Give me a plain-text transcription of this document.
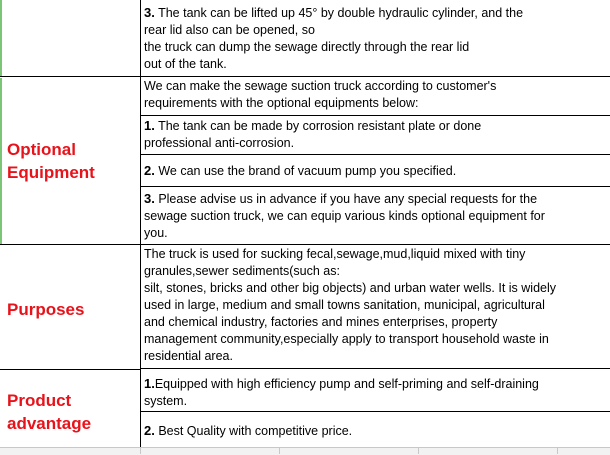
3. The tank can be lifted up 45° by double hydraulic cylinder, and the
rear lid also can be opened, so
the truck can dump the sewage directly through the rear lid
out of the tank.
Optional
Equipment
We can make the sewage suction truck according to customer's
requirements with the optional equipments below:
1. The tank can be made by corrosion resistant plate or done
professional anti-corrosion.
2. We can use the brand of vacuum pump you specified.
3. Please advise us in advance if you have any special requests for the
sewage suction truck, we can equip various kinds optional equipment for
you.
Purposes
The truck is used for sucking fecal,sewage,mud,liquid mixed with tiny
granules,sewer sediments(such as:
silt, stones, bricks and other big objects) and urban water wells. It is widely
used in large, medium and small towns sanitation, municipal, agricultural
and chemical industry, factories and mines enterprises, property
management community,especially apply to transport household waste in
residential area.
Product
advantage
1.Equipped with high efficiency pump and self-priming and self-draining
system.
2. Best Quality with competitive price.
